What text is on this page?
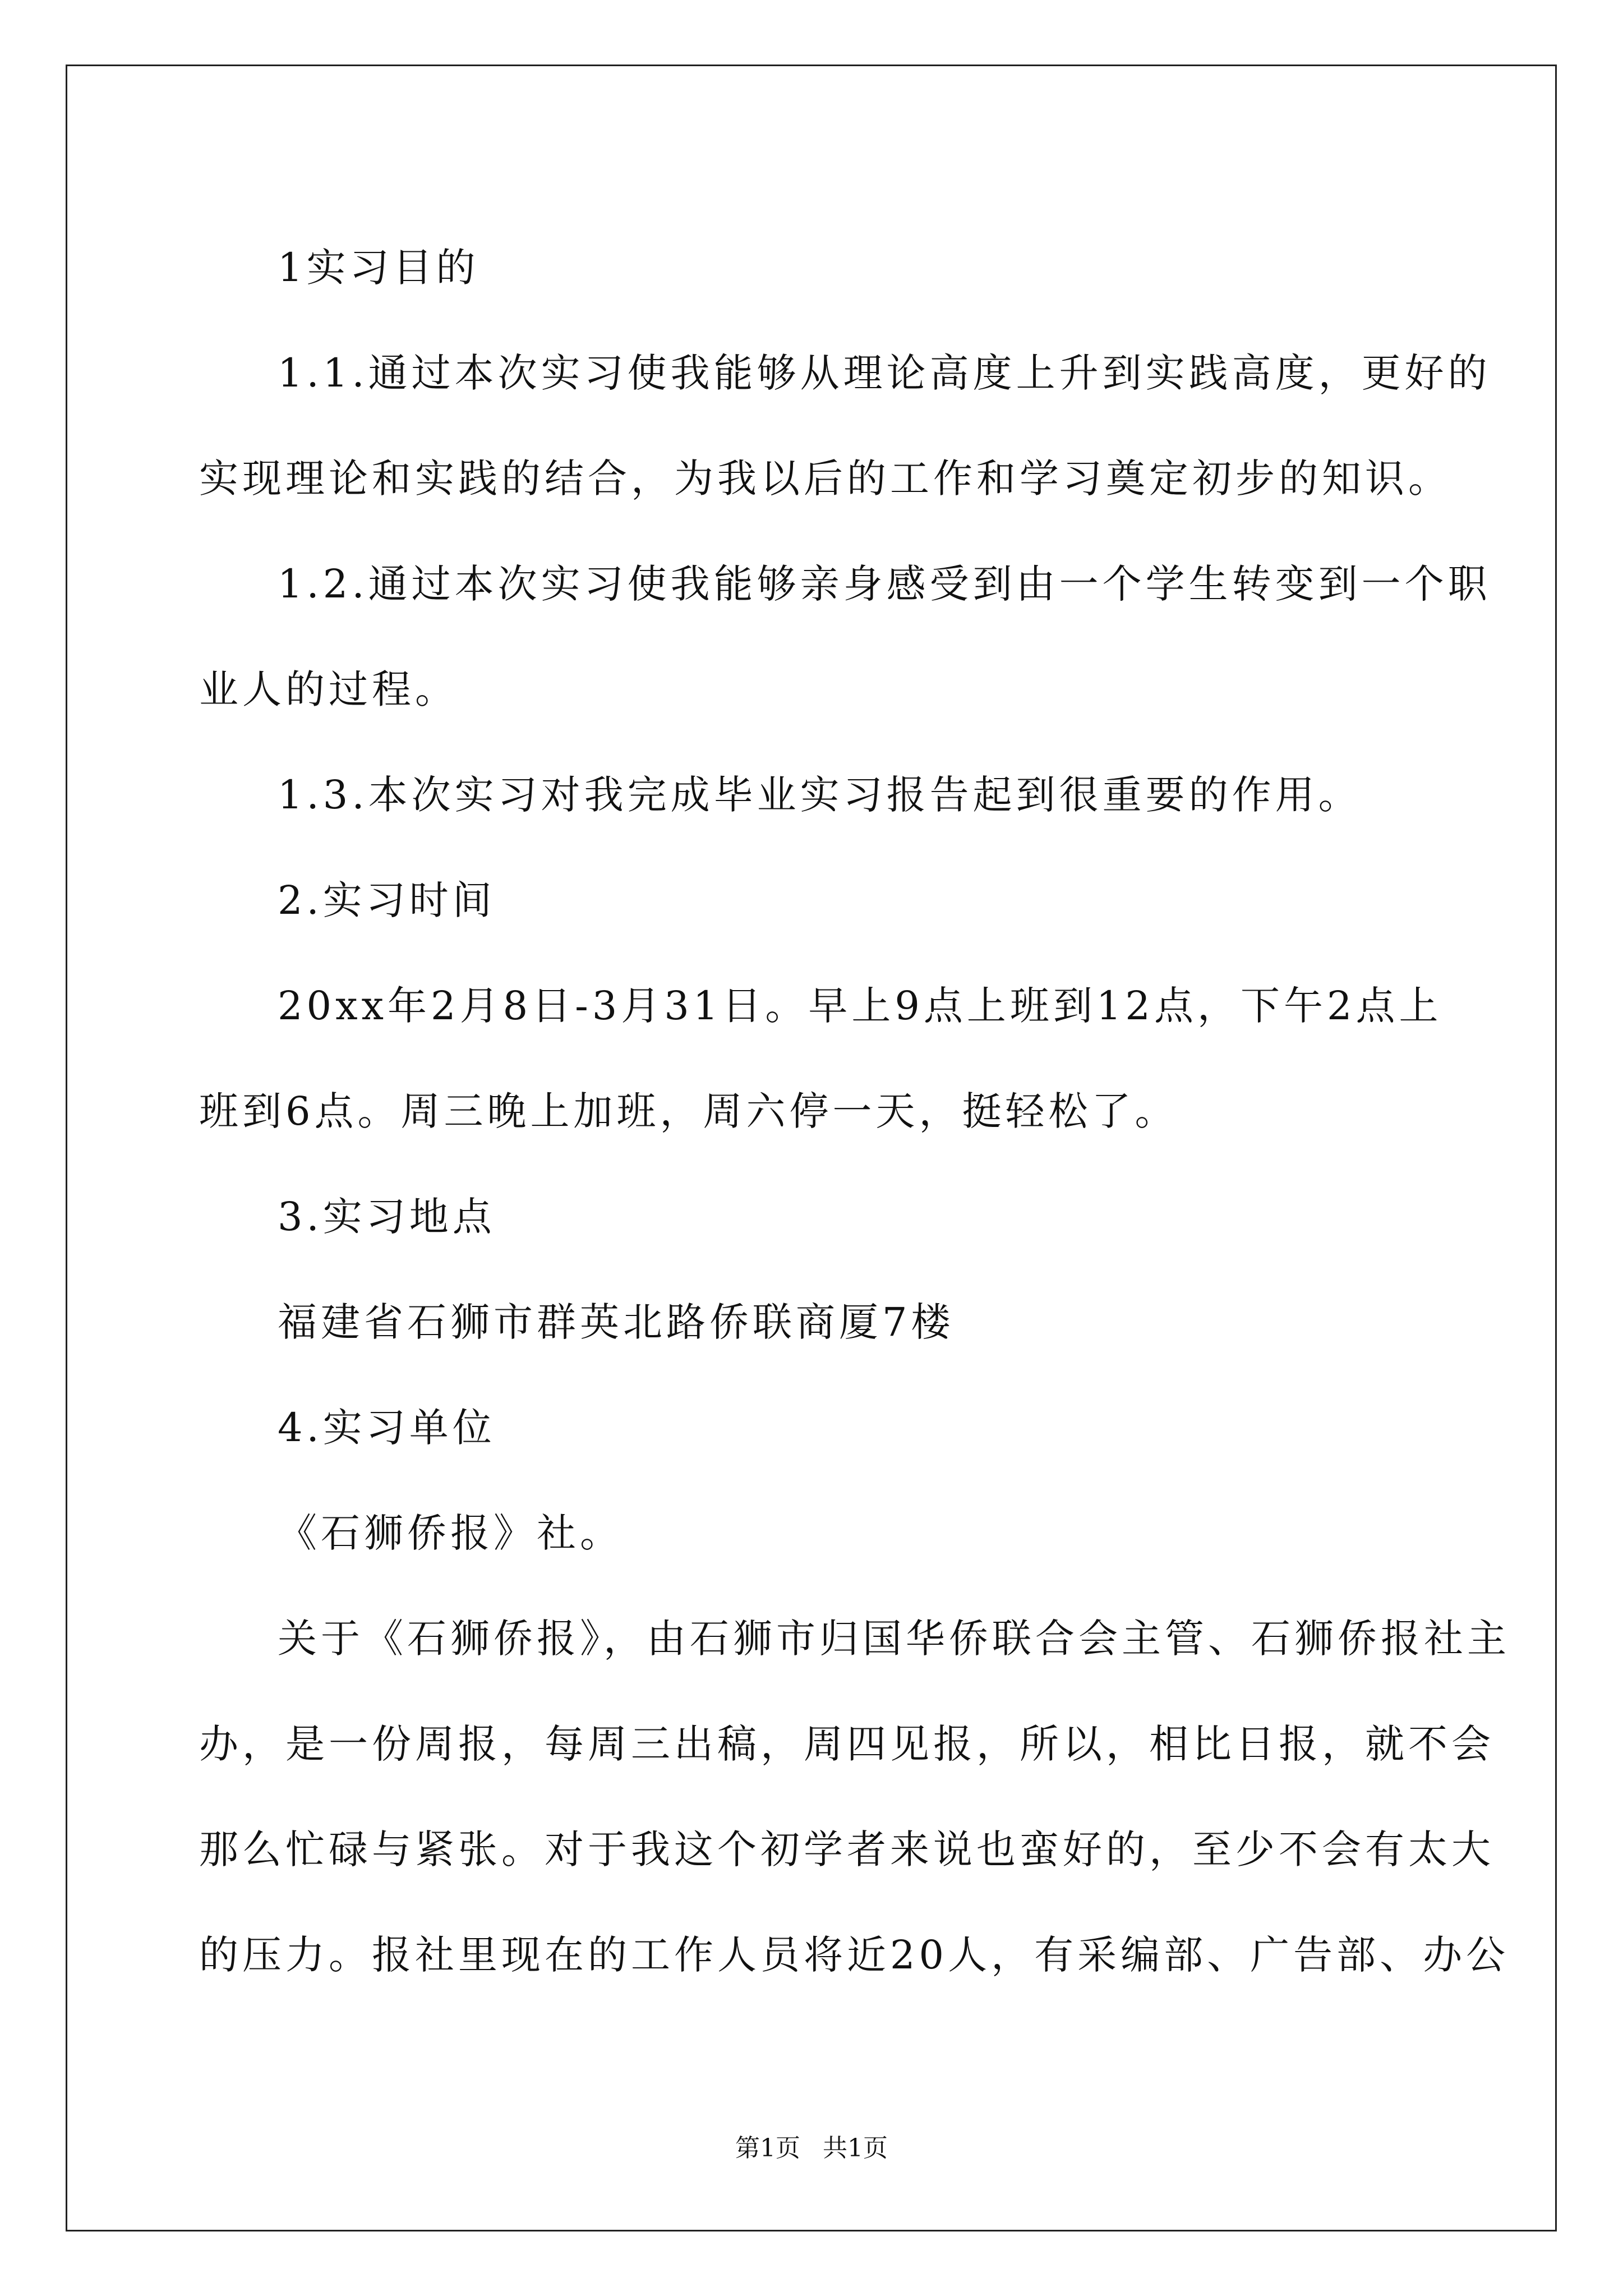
1实习目的

1.1.通过本次实习使我能够从理论高度上升到实践高度，更好的

实现理论和实践的结合，为我以后的工作和学习奠定初步的知识。

1.2.通过本次实习使我能够亲身感受到由一个学生转变到一个职

业人的过程。

1.3.本次实习对我完成毕业实习报告起到很重要的作用。

2.实习时间

20xx年2月8日-3月31日。早上9点上班到12点，下午2点上

班到6点。周三晚上加班，周六停一天，挺轻松了。

3.实习地点

福建省石狮市群英北路侨联商厦7楼

4.实习单位

《石狮侨报》社。

关于《石狮侨报》，由石狮市归国华侨联合会主管、石狮侨报社主

办，是一份周报，每周三出稿，周四见报，所以，相比日报，就不会

那么忙碌与紧张。对于我这个初学者来说也蛮好的，至少不会有太大

的压力。报社里现在的工作人员将近20人，有采编部、广告部、办公

第1页 共1页
